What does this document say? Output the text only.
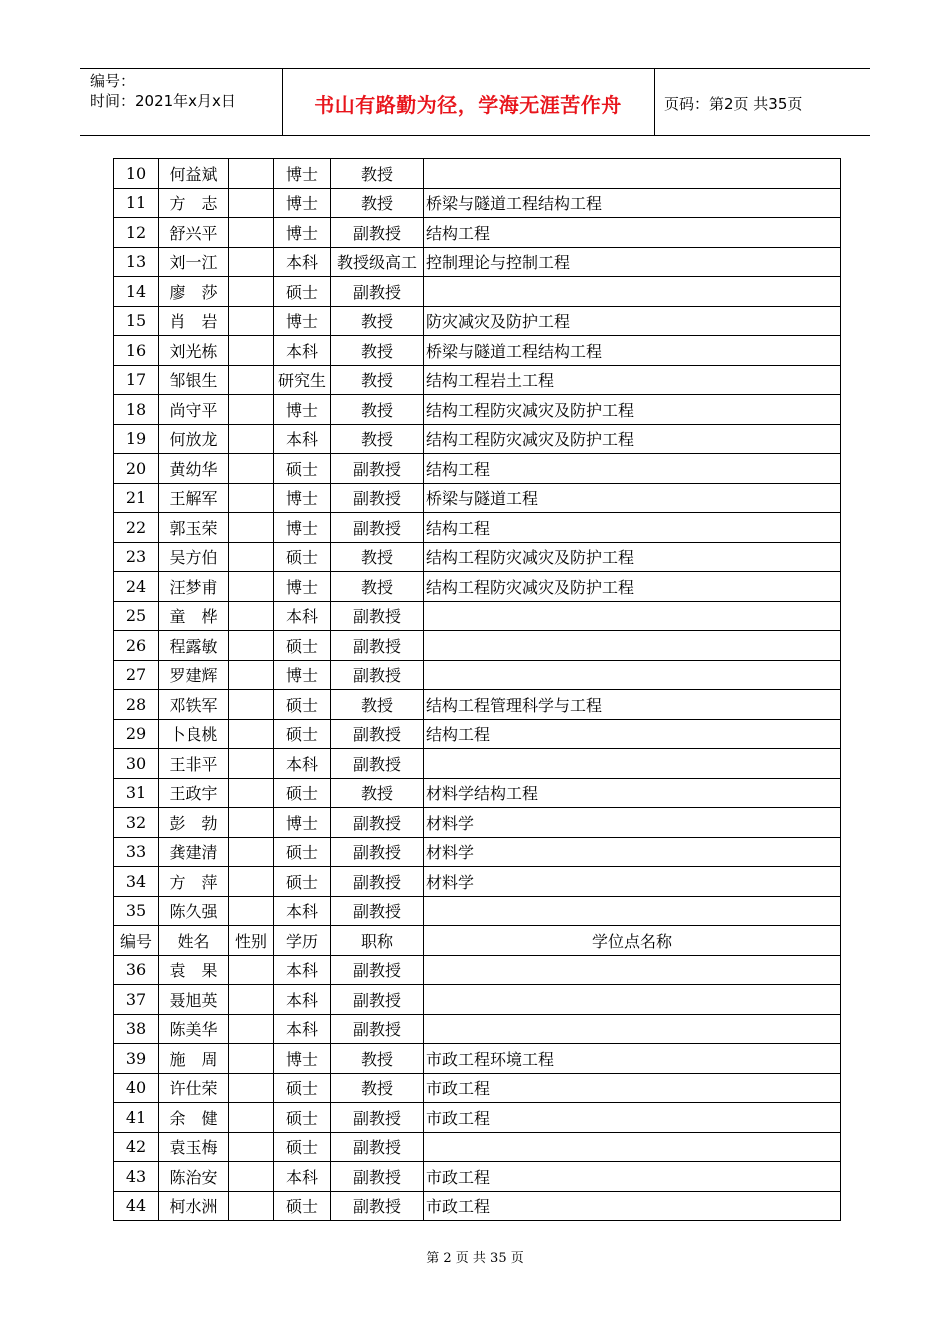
编号：
时间：2021年x月x日	书山有路勤为径，学海无涯苦作舟	页码：第2页 共35页
10	何益斌		博士	教授	
11	方　志		博士	教授	桥梁与隧道工程结构工程
12	舒兴平		博士	副教授	结构工程
13	刘一江		本科	教授级高工	控制理论与控制工程
14	廖　莎		硕士	副教授	
15	肖　岩		博士	教授	防灾减灾及防护工程
16	刘光栋		本科	教授	桥梁与隧道工程结构工程
17	邹银生		研究生	教授	结构工程岩土工程
18	尚守平		博士	教授	结构工程防灾减灾及防护工程
19	何放龙		本科	教授	结构工程防灾减灾及防护工程
20	黄幼华		硕士	副教授	结构工程
21	王解军		博士	副教授	桥梁与隧道工程
22	郭玉荣		博士	副教授	结构工程
23	吴方伯		硕士	教授	结构工程防灾减灾及防护工程
24	汪梦甫		博士	教授	结构工程防灾减灾及防护工程
25	童　桦		本科	副教授	
26	程露敏		硕士	副教授	
27	罗建辉		博士	副教授	
28	邓铁军		硕士	教授	结构工程管理科学与工程
29	卜良桃		硕士	副教授	结构工程
30	王非平		本科	副教授	
31	王政宇		硕士	教授	材料学结构工程
32	彭　勃		博士	副教授	材料学
33	龚建清		硕士	副教授	材料学
34	方　萍		硕士	副教授	材料学
35	陈久强		本科	副教授	
编号	姓名	性别	学历	职称	学位点名称
36	袁　果		本科	副教授	
37	聂旭英		本科	副教授	
38	陈美华		本科	副教授	
39	施　周		博士	教授	市政工程环境工程
40	许仕荣		硕士	教授	市政工程
41	余　健		硕士	副教授	市政工程
42	袁玉梅		硕士	副教授	
43	陈治安		本科	副教授	市政工程
44	柯水洲		硕士	副教授	市政工程
第 2 页 共 35 页
